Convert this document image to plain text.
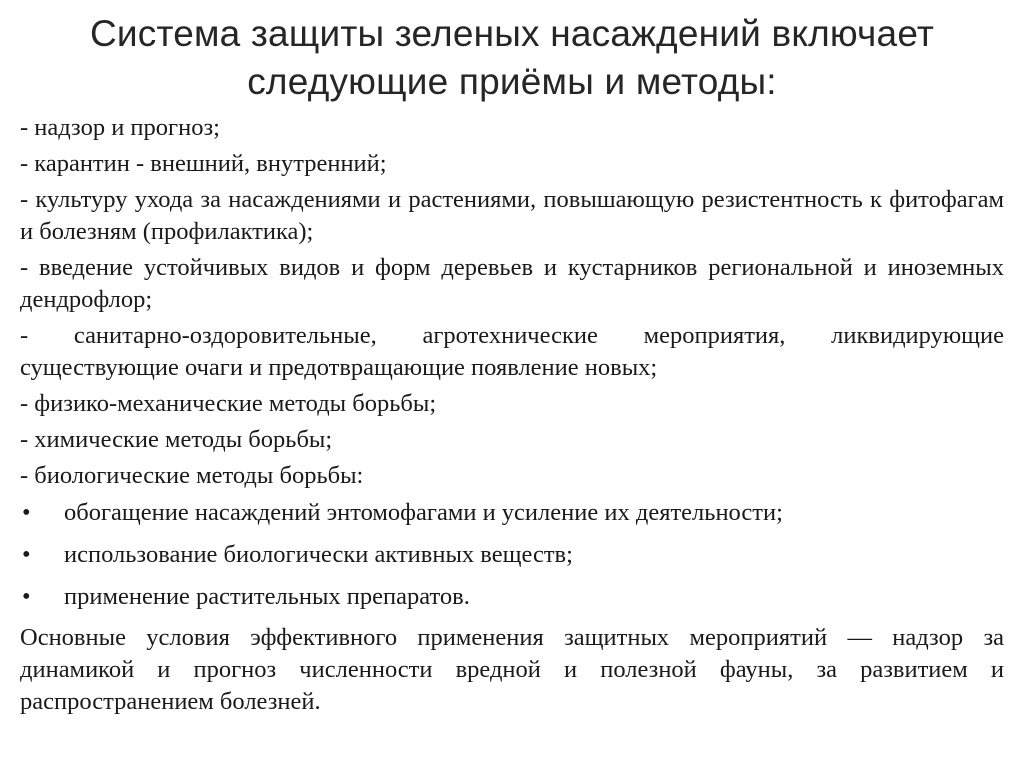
Система защиты зеленых насаждений включает
следующие приёмы и методы:
- надзор и прогноз;
- карантин - внешний, внутренний;
- культуру ухода за насаждениями и растениями, повышающую резистентность к фитофагам и болезням (профилактика);
- введение устойчивых видов и форм деревьев и кустарников региональной и иноземных дендрофлор;
- санитарно-оздоровительные, агротехнические мероприятия, ликвидирующие существующие очаги и предотвращающие появление новых;
- физико-механические методы борьбы;
- химические методы борьбы;
- биологические методы борьбы:
•	обогащение насаждений энтомофагами и усиление их деятельности;
•	использование биологически активных веществ;
•	применение растительных препаратов.
Основные условия эффективного применения защитных мероприятий — надзор за динамикой и прогноз численности вредной и полезной фауны, за развитием и распространением болезней.
